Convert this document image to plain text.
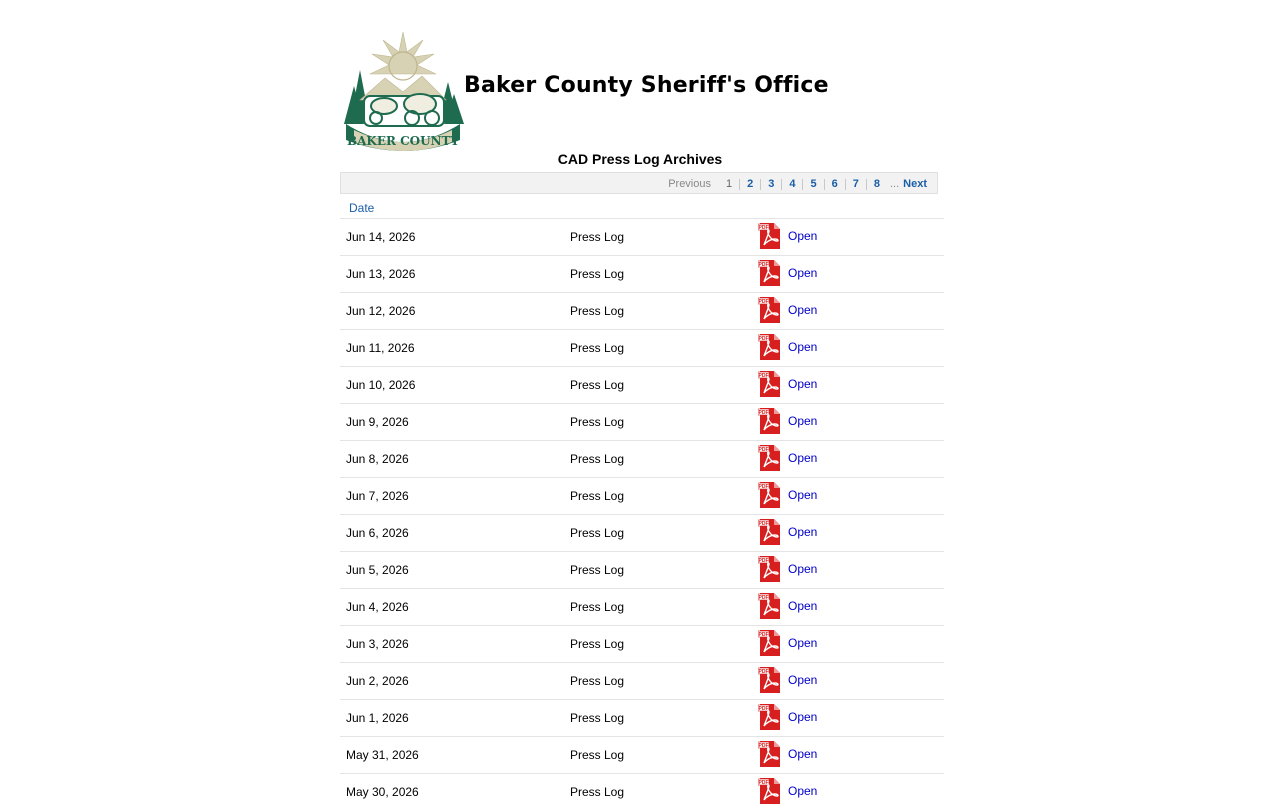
BAKER COUNTY
Baker County Sheriff's Office
CAD Press Log Archives
Previous	1	2	3	4	5	6	7	8 ... Next
Date
Jun 14, 2026	Press Log	PDF
Open

Jun 13, 2026	Press Log	PDF
Open

Jun 12, 2026	Press Log	PDF
Open

Jun 11, 2026	Press Log	PDF
Open

Jun 10, 2026	Press Log	PDF
Open

Jun 9, 2026	Press Log	PDF
Open

Jun 8, 2026	Press Log	PDF
Open

Jun 7, 2026	Press Log	PDF
Open

Jun 6, 2026	Press Log	PDF
Open

Jun 5, 2026	Press Log	PDF
Open

Jun 4, 2026	Press Log	PDF
Open

Jun 3, 2026	Press Log	PDF
Open

Jun 2, 2026	Press Log	PDF
Open

Jun 1, 2026	Press Log	PDF
Open

May 31, 2026	Press Log	PDF
Open

May 30, 2026	Press Log	PDF
Open
